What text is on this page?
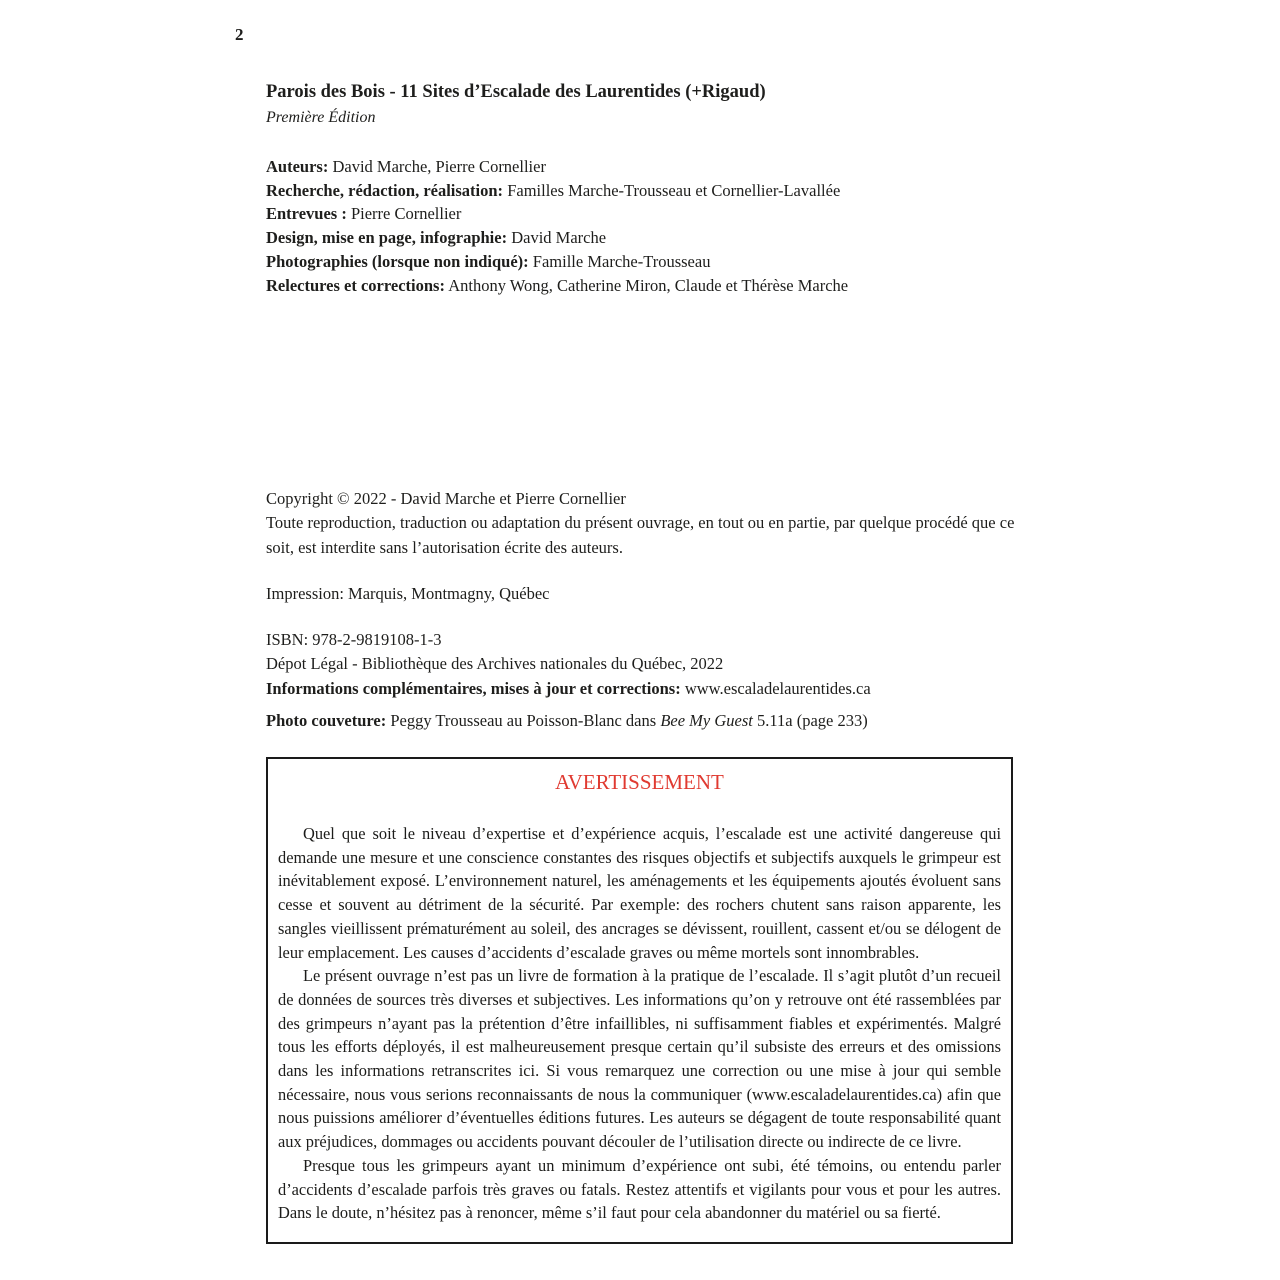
2
Parois des Bois - 11 Sites d’Escalade des Laurentides (+Rigaud)
Première Édition
Auteurs: David Marche, Pierre Cornellier
Recherche, rédaction, réalisation: Familles Marche-Trousseau et Cornellier-Lavallée
Entrevues : Pierre Cornellier
Design, mise en page, infographie: David Marche
Photographies (lorsque non indiqué): Famille Marche-Trousseau
Relectures et corrections: Anthony Wong, Catherine Miron, Claude et Thérèse Marche

Copyright © 2022 - David Marche et Pierre Cornellier

Toute reproduction, traduction ou adaptation du présent ouvrage, en tout ou en partie, par quelque procédé que ce soit, est interdite sans l’autorisation écrite des auteurs.

Impression: Marquis, Montmagny, Québec

ISBN: 978-2-9819108-1-3

Dépot Légal - Bibliothèque des Archives nationales du Québec, 2022

Informations complémentaires, mises à jour et corrections: www.escaladelaurentides.ca

Photo couveture: Peggy Trousseau au Poisson-Blanc dans Bee My Guest 5.11a (page 233)

AVERTISSEMENT

Quel que soit le niveau d’expertise et d’expérience acquis, l’escalade est une activité dangereuse qui demande une mesure et une conscience constantes des risques objectifs et subjectifs auxquels le grimpeur est inévitablement exposé. L’environnement naturel, les aménagements et les équipements ajoutés évoluent sans cesse et souvent au détriment de la sécurité. Par exemple: des rochers chutent sans raison apparente, les sangles vieillissent prématurément au soleil, des ancrages se dévissent, rouillent, cassent et/ou se délogent de leur emplacement. Les causes d’accidents d’escalade graves ou même mortels sont innombrables.

Le présent ouvrage n’est pas un livre de formation à la pratique de l’escalade. Il s’agit plutôt d’un recueil de données de sources très diverses et subjectives. Les informations qu’on y retrouve ont été rassemblées par des grimpeurs n’ayant pas la prétention d’être infaillibles, ni suffisamment fiables et expérimentés. Malgré tous les efforts déployés, il est malheureusement presque certain qu’il subsiste des erreurs et des omissions dans les informations retranscrites ici. Si vous remarquez une correction ou une mise à jour qui semble nécessaire, nous vous serions reconnaissants de nous la communiquer (www.escaladelaurentides.ca) afin que nous puissions améliorer d’éventuelles éditions futures. Les auteurs se dégagent de toute responsabilité quant aux préjudices, dommages ou accidents pouvant découler de l’utilisation directe ou indirecte de ce livre.

Presque tous les grimpeurs ayant un minimum d’expérience ont subi, été témoins, ou entendu parler d’accidents d’escalade parfois très graves ou fatals. Restez attentifs et vigilants pour vous et pour les autres. Dans le doute, n’hésitez pas à renoncer, même s’il faut pour cela abandonner du matériel ou sa fierté.
